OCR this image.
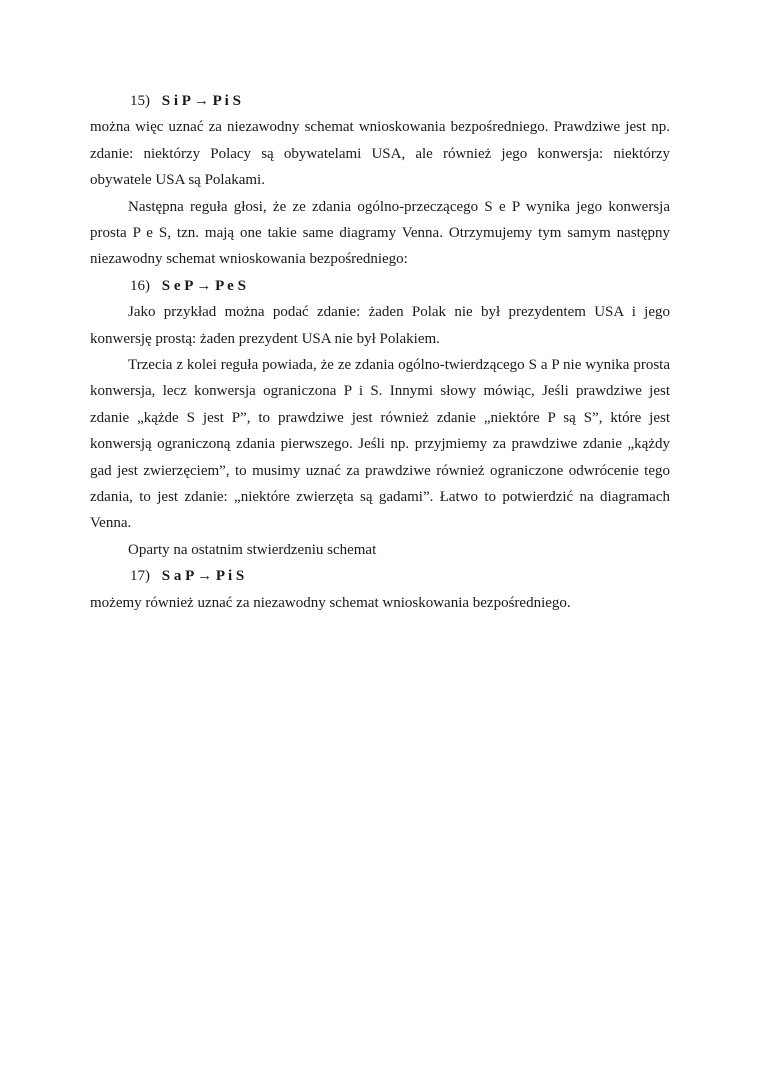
15) S i P → P i S

można więc uznać za niezawodny schemat wnioskowania bezpośredniego. Prawdziwe jest np. zdanie: niektórzy Polacy są obywatelami USA, ale również jego konwersja: niektórzy obywatele USA są Polakami.

Następna reguła głosi, że ze zdania ogólno-przeczącego S e P wynika jego konwersja prosta P e S, tzn. mają one takie same diagramy Venna. Otrzymujemy tym samym następny niezawodny schemat wnioskowania bezpośredniego:

16) S e P → P e S

Jako przykład można podać zdanie: żaden Polak nie był prezydentem USA i jego konwersję prostą: żaden prezydent USA nie był Polakiem.

Trzecia z kolei reguła powiada, że ze zdania ogólno-twierdzącego S a P nie wynika prosta konwersja, lecz konwersja ograniczona P i S. Innymi słowy mówiąc, Jeśli prawdziwe jest zdanie „kążde S jest P”, to prawdziwe jest również zdanie „niektóre P są S”, które jest konwersją ograniczoną zdania pierwszego. Jeśli np. przyjmiemy za prawdziwe zdanie „kążdy gad jest zwierzęciem”, to musimy uznać za prawdziwe również ograniczone odwrócenie tego zdania, to jest zdanie: „niektóre zwierzęta są gadami”. Łatwo to potwierdzić na diagramach Venna.

Oparty na ostatnim stwierdzeniu schemat

17) S a P → P i S

możemy również uznać za niezawodny schemat wnioskowania bezpośredniego.
